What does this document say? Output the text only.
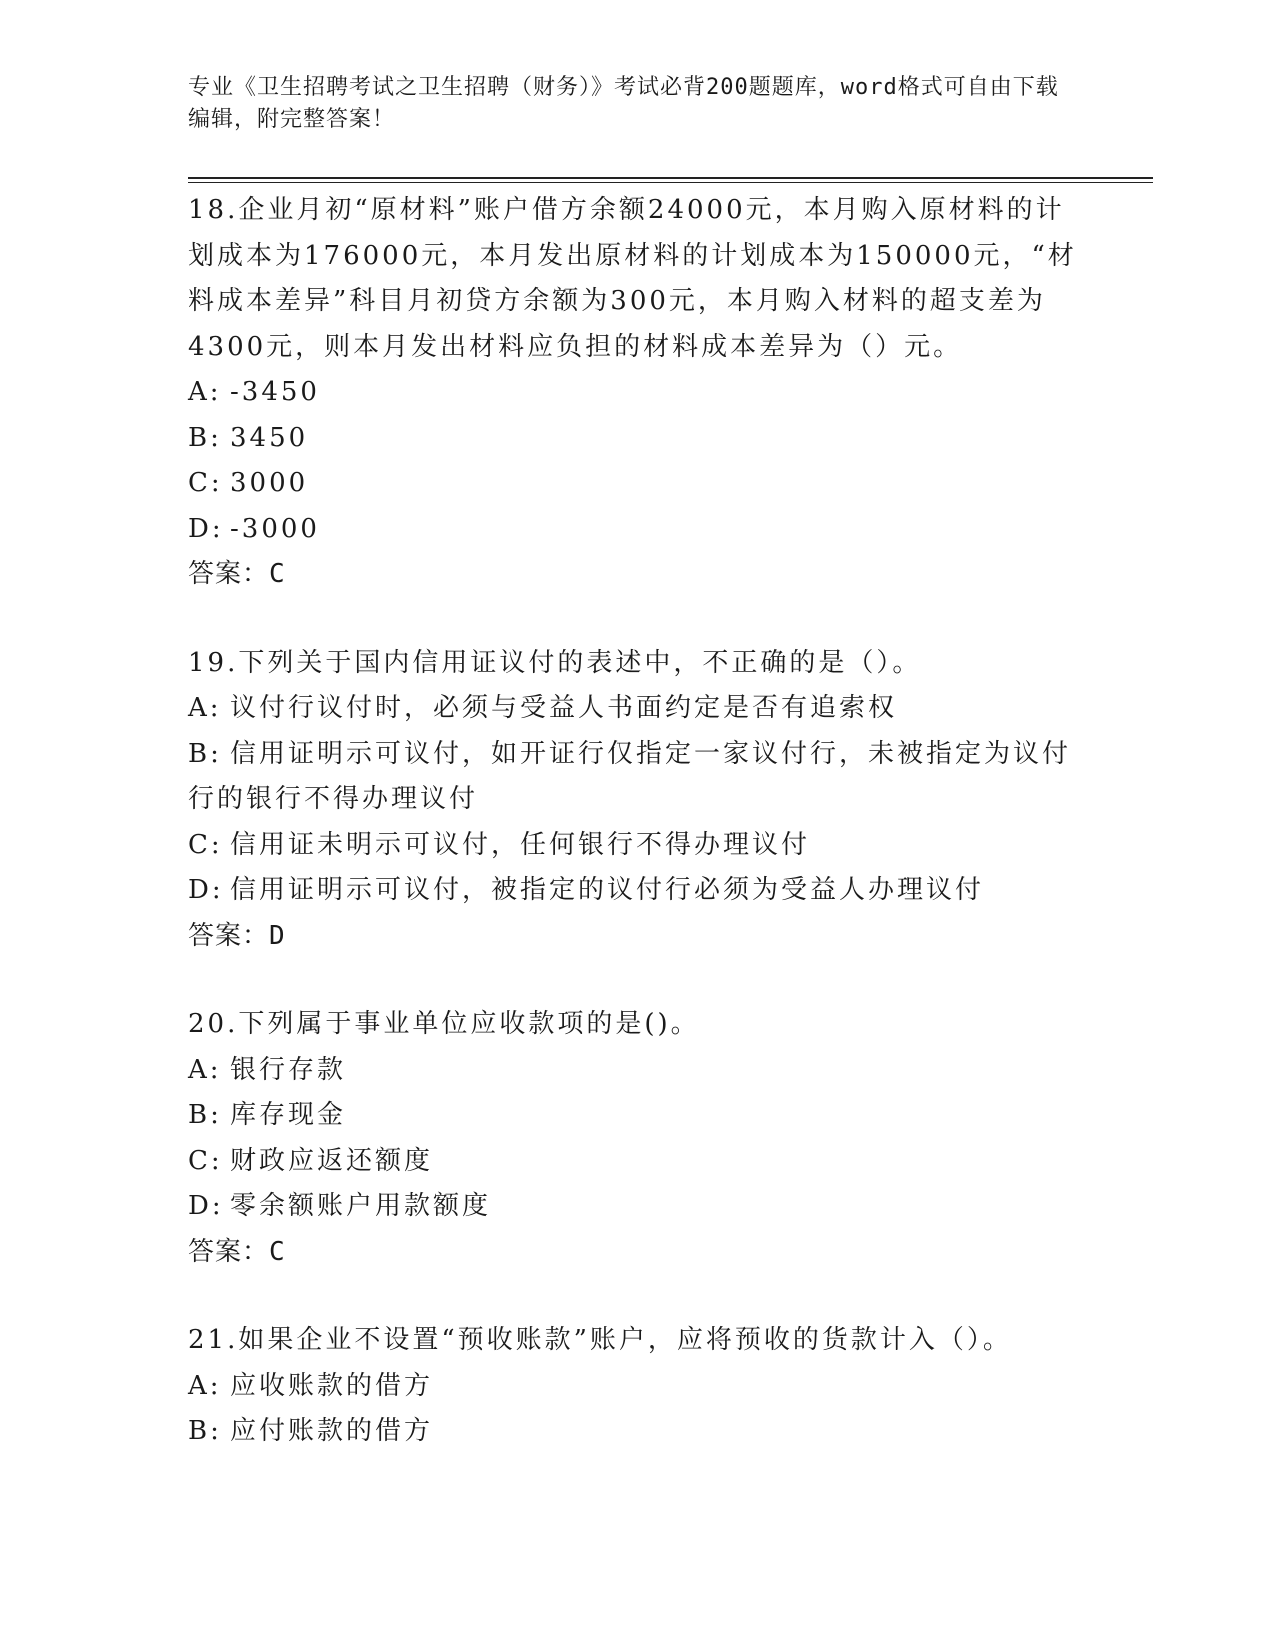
专业《卫生招聘考试之卫生招聘（财务）》考试必背200题题库，word格式可自由下载编辑，附完整答案！

18.企业月初“原材料”账户借方余额24000元，本月购入原材料的计划成本为176000元，本月发出原材料的计划成本为150000元，“材料成本差异”科目月初贷方余额为300元，本月购入材料的超支差为4300元，则本月发出材料应负担的材料成本差异为（）元。

A: -3450

B: 3450

C: 3000

D: -3000

答案：C

19.下列关于国内信用证议付的表述中，不正确的是（）。

A: 议付行议付时，必须与受益人书面约定是否有追索权

B: 信用证明示可议付，如开证行仅指定一家议付行，未被指定为议付行的银行不得办理议付

C: 信用证未明示可议付，任何银行不得办理议付

D: 信用证明示可议付，被指定的议付行必须为受益人办理议付

答案：D

20.下列属于事业单位应收款项的是()。

A: 银行存款

B: 库存现金

C: 财政应返还额度

D: 零余额账户用款额度

答案：C

21.如果企业不设置“预收账款”账户，应将预收的货款计入（）。

A: 应收账款的借方

B: 应付账款的借方
